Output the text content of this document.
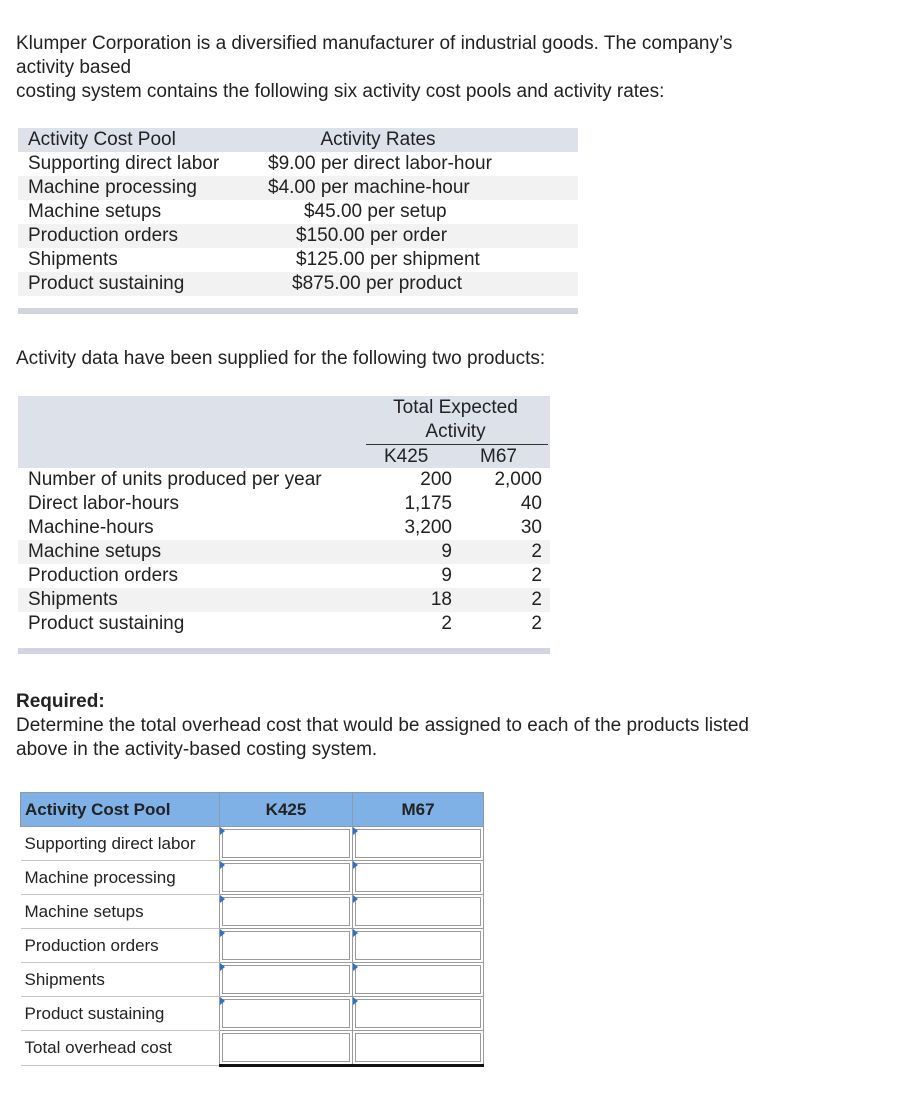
Klumper Corporation is a diversified manufacturer of industrial goods. The company’s
activity based
costing system contains the following six activity cost pools and activity rates:
Activity Cost Pool	Activity Rates
Supporting direct labor	$9.00 per direct labor-hour
Machine processing	$4.00 per machine-hour
Machine setups	$45.00 per setup
Production orders	$150.00 per order
Shipments	$125.00 per shipment
Product sustaining	$875.00 per product
Activity data have been supplied for the following two products:
Total Expected
Activity
K425	M67
Number of units produced per year	200	2,000
Direct labor-hours	1,175	40
Machine-hours	3,200	30
Machine setups	9	2
Production orders	9	2
Shipments	18	2
Product sustaining	2	2
Required:
Determine the total overhead cost that would be assigned to each of the products listed
above in the activity-based costing system.
Activity Cost Pool	K425	M67
Supporting direct labor	

Machine processing	

Machine setups	

Production orders	

Shipments	

Product sustaining	

Total overhead cost	
